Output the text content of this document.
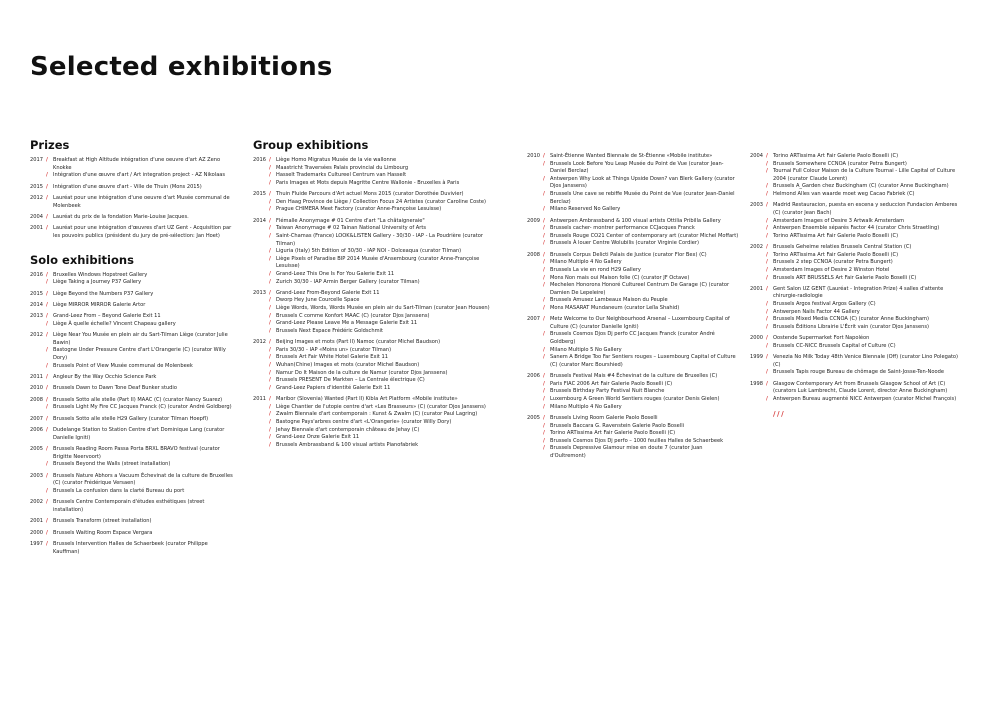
Selected exhibitions
Prizes
2017 / Breakfast at High Altitude intégration d'une oeuvre d'art AZ Zeno Knokke
/ Intégration d'une œuvre d'art / Art integration project - AZ Nikolaas
2015 / Intégration d'une œuvre d'art - Ville de Thuin (Mons 2015)
2012 / Lauréat pour une intégration d'une oeuvre d'art Musée communal de Molenbeek
2004 / Lauréat du prix de la fondation Marie-Louise Jacques.
2001 / Lauréat pour une intégration d'œuvres d'art UZ Gent - Acquisition par les pouvoirs publics (président du jury de pré-sélection: Jan Hoet)
Solo exhibitions
2016 / Bruxelles Windows Hopstreet Gallery
/ Liège Taking a Journey P37 Gallery
2015 / Liège Beyond the Numbers P37 Gallery
2014 / Liège MIRROR MIRROR Galerie Artor
2013 / Grand-Leez From – Beyond Galerie Exit 11
/ Liège À quelle échelle? Vincent Chapeau gallery
2012 / Liège Near You Musée en plein air du Sart-Tilman Liège (curator Julie Bawin)
/ Bastogne Under Pressure Centre d'art L'Orangerie (C) (curator Willy Dory)
/ Brussels Point of View Musée communal de Molenbeek
2011 / Angleur By the Way Occhio Science Park
2010 / Brussels Dawn to Dawn Tone Deaf Bunker studio
2008 / Brussels Sotto alle stelle (Part II) MAAC (C) (curator Nancy Suarez)
/ Brussels Light My Fire CC Jacques Franck (C) (curator André Goldberg)
2007 / Brussels Sotto alle stelle H29 Gallery (curator Tilman Hoepfl)
2006 / Dudelange Station to Station Centre d'art Dominique Lang (curator Danielle Igniti)
2005 / Brussels Reading Room Passa Porta BRXL BRAVO festival (curator Brigitte Neervoort)
/ Brussels Beyond the Walls (street installation)
2003 / Brussels Nature Abhors a Vacuum Échevinat de la culture de Bruxelles (C) (curator Frédérique Versaen)
/ Brussels La confusion dans la clarté Bureau du port
2002 / Brussels Centre Contemporain d'études esthétiques (street installation)
2001 / Brussels Transform (street installation)
2000 / Brussels Waiting Room Espace Vergara
1997 / Brussels Intervention Halles de Schaerbeek (curator Philippe Kauffman)
Group exhibitions
2016 / Liège Homo Migratus Musée de la vie wallonne
/ Maastricht Traversées Palais provincial du Limbourg
/ Hasselt Trademarks Cultureel Centrum van Hasselt
/ Paris Images et Mots depuis Magritte Centre Wallonie - Bruxelles à Paris
2015 / Thuin Fluide Parcours d'Art actuel Mons 2015 (curator Dorothée Duvivier)
/ Den Haag Province de Liège / Collection Focus 24 Artistes (curator Caroline Coste)
/ Prague CHIMERA Meet Factory (curator Anne-Françoise Lesuisse)
2014 / Flémalle Anonymage # 01 Centre d'art "La châtaigneraie"
/ Taiwan Anonymage # 02 Tainan National University of Arts
/ Saint-Chamas (France) LOOK&LISTEN Gallery - 30/30 - IAP - La Poudrière (curator Tilman)
/ Liguria (Italy) 5th Edition of 30/30 - IAP NOI - Dolceaqua (curator Tilman)
/ Liège Pixels of Paradise BIP 2014 Musée d'Ansembourg (curator Anne-Françoise Lesuisse)
/ Grand-Leez This One Is For You Galerie Exit 11
/ Zurich 30/30 - IAP Armin Berger Gallery (curator Tilman)
2013 / Grand-Leez From-Beyond Galerie Exit 11
/ Dworp Hey June Courcelle Space
/ Liège Words, Words, Words Musée en plein air du Sart-Tilman (curator Jean Housen)
/ Brussels C comme Konfort MAAC (C) (curator Djos Janssens)
/ Grand-Leez Please Leave Me a Message Galerie Exit 11
/ Brussels Next Espace Frédéric Goldschmit
2012 / Beijing Images et mots (Part II) Namoc (curator Michel Baudson)
/ Paris 30/30 - IAP «Moins un» (curator Tilman)
/ Brussels Art Fair White Hotel Galerie Exit 11
/ Wuhan(Chine) Images et mots (curator Michel Baudson)
/ Namur Do It Maison de la culture de Namur (curator Djos Janssens)
/ Brussels PRESENT De Markten – La Centrale électrique (C)
/ Grand-Leez Papiers d'identité Galerie Exit 11
2011 / Maribor (Slovenia) Wanted (Part II) Kibla Art Platform «Mobile institute»
/ Liège Chantier de l'utopie centre d'art «Les Brasseurs» (C) (curator Djos Janssens)
/ Zwalm Biennale d'art contemporain : Kunst & Zwalm (C) (curator Paul Lagring)
/ Bastogne Pays'arbres centre d'art «L'Orangerie» (curator Willy Dory)
/ Jehay Biennale d'art contemporain château de Jehay (C)
/ Grand-Leez Onze Galerie Exit 11
/ Brussels Ambrassband & 100 visual artists Pianofabriek
2010 / Saint-Étienne Wanted Biennale de St-Étienne «Mobile institute»
/ Brussels Look Before You Leap Musée du Point de Vue (curator Jean-Daniel Berclaz)
/ Antwerpen Why Look at Things Upside Down? van Blerk Gallery (curator Djos Janssens)
/ Brussels Une cave se rebiffe Musée du Point de Vue (curator Jean-Daniel Berclaz)
/ Milano Reserved No Gallery
2009 / Antwerpen Ambrassband & 100 visual artists Ottilia Pribilla Gallery
/ Brussels cacher- montrer performance CCJacques Franck
/ Brussels Rouge CO21 Center of contemporary art (curator Michel Moffart)
/ Brussels À louer Centre Wolubilis (curator Virginie Cordier)
2008 / Brussels Corpus Delicti Palais de Justice (curator Flor Bex) (C)
/ Milano Multiplo 4 No Gallery
/ Brussels La vie en rond H29 Gallery
/ Mons Non mais oui Maison folie (C) (curator JF Octave)
/ Mechelen Honorons Honoré Cultureel Centrum De Garage (C) (curator Damien De Lepeleire)
/ Brussels Amusez Lambeaux Maison du Peuple
/ Mons MASARAT Mundaneum (curator Leïla Shahid)
2007 / Metz Welcome to Our Neighbourhood Arsenal – Luxembourg Capital of Culture (C) (curator Danielle Igniti)
/ Brussels Cosmos Djos Dj perfo CC Jacques Franck (curator André Goldberg)
/ Milano Multiplo 5 No Gallery
/ Sanem A Bridge Too Far Sentiers rouges – Luxembourg Capital of Culture (C) (curator Marc Bourshied)
2006 / Brussels Festival Mais #4 Échevinat de la culture de Bruxelles (C)
/ Paris FIAC 2006 Art Fair Galerie Paolo Boselli (C)
/ Brussels Birthday Party Festival Nuit Blanche
/ Luxembourg A Green World Sentiers rouges (curator Denis Gielen)
/ Milano Multiplo 4 No Gallery
2005 / Brussels Living Room Galerie Paolo Boselli
/ Brussels Baccara G. Ravenstein Galerie Paolo Boselli
/ Torino ARTissima Art Fair Galerie Paolo Boselli (C)
/ Brussels Cosmos Djos Dj perfo – 1000 feuilles Halles de Schaerbeek
/ Brussels Depressive Glamour mise en doute 7 (curator Juan d'Oultremont)
2004 / Torino ARTissima Art Fair Galerie Paolo Boselli (C)
/ Brussels Somewhere CCNOA (curator Petra Bungert)
/ Tournai Full Colour Maison de la Culture Tournai - Lille Capital of Culture 2004 (curator Claude Lorent)
/ Brussels A_Garden chez Buckingham (C) (curator Anne Buckingham)
/ Helmond Alles van waarde moet weg Cacao Fabriek (C)
2003 / Madrid Restauracion, puesta en escena y seduccion Fundacion Amberes (C) (curator Jean Bach)
/ Amsterdam Images of Desire 3 Artwalk Amsterdam
/ Antwerpen Ensemble séparés Factor 44 (curator Chris Straetling)
/ Torino ARTissima Art Fair Galerie Paolo Boselli (C)
2002 / Brussels Geheime relaties Brussels Central Station (C)
/ Torino ARTissima Art Fair Galerie Paolo Boselli (C)
/ Brussels 2 step CCNOA (curator Petra Bungert)
/ Amsterdam Images of Desire 2 Winston Hotel
/ Brussels ART BRUSSELS Art Fair Galerie Paolo Boselli (C)
2001 / Gent Salon UZ GENT (Lauréat - Integration Prize) 4 salles d'attente chirurgie-radiologie
/ Brussels Argos festival Argos Gallery (C)
/ Antwerpen Nails Factor 44 Gallery
/ Brussels Mixed Media CCNOA (C) (curator Anne Buckingham)
/ Brussels Éditions Librairie L'Écrit vain (curator Djos Janssens)
2000 / Oostende Supermarket Fort Napoléon
/ Brussels CC-NICC Brussels Capital of Culture (C)
1999 / Venezia No Milk Today 48th Venice Biennale (Off) (curator Lino Polegato) (C)
/ Brussels Tapis rouge Bureau de chômage de Saint-Josse-Ten-Noode
1998 / Glasgow Contemporary Art from Brussels Glasgow School of Art (C) (curators Luk Lambrecht, Claude Lorent, director Anne Buckingham)
/ Antwerpen Bureau augmenté NICC Antwerpen (curator Michel François)
///
